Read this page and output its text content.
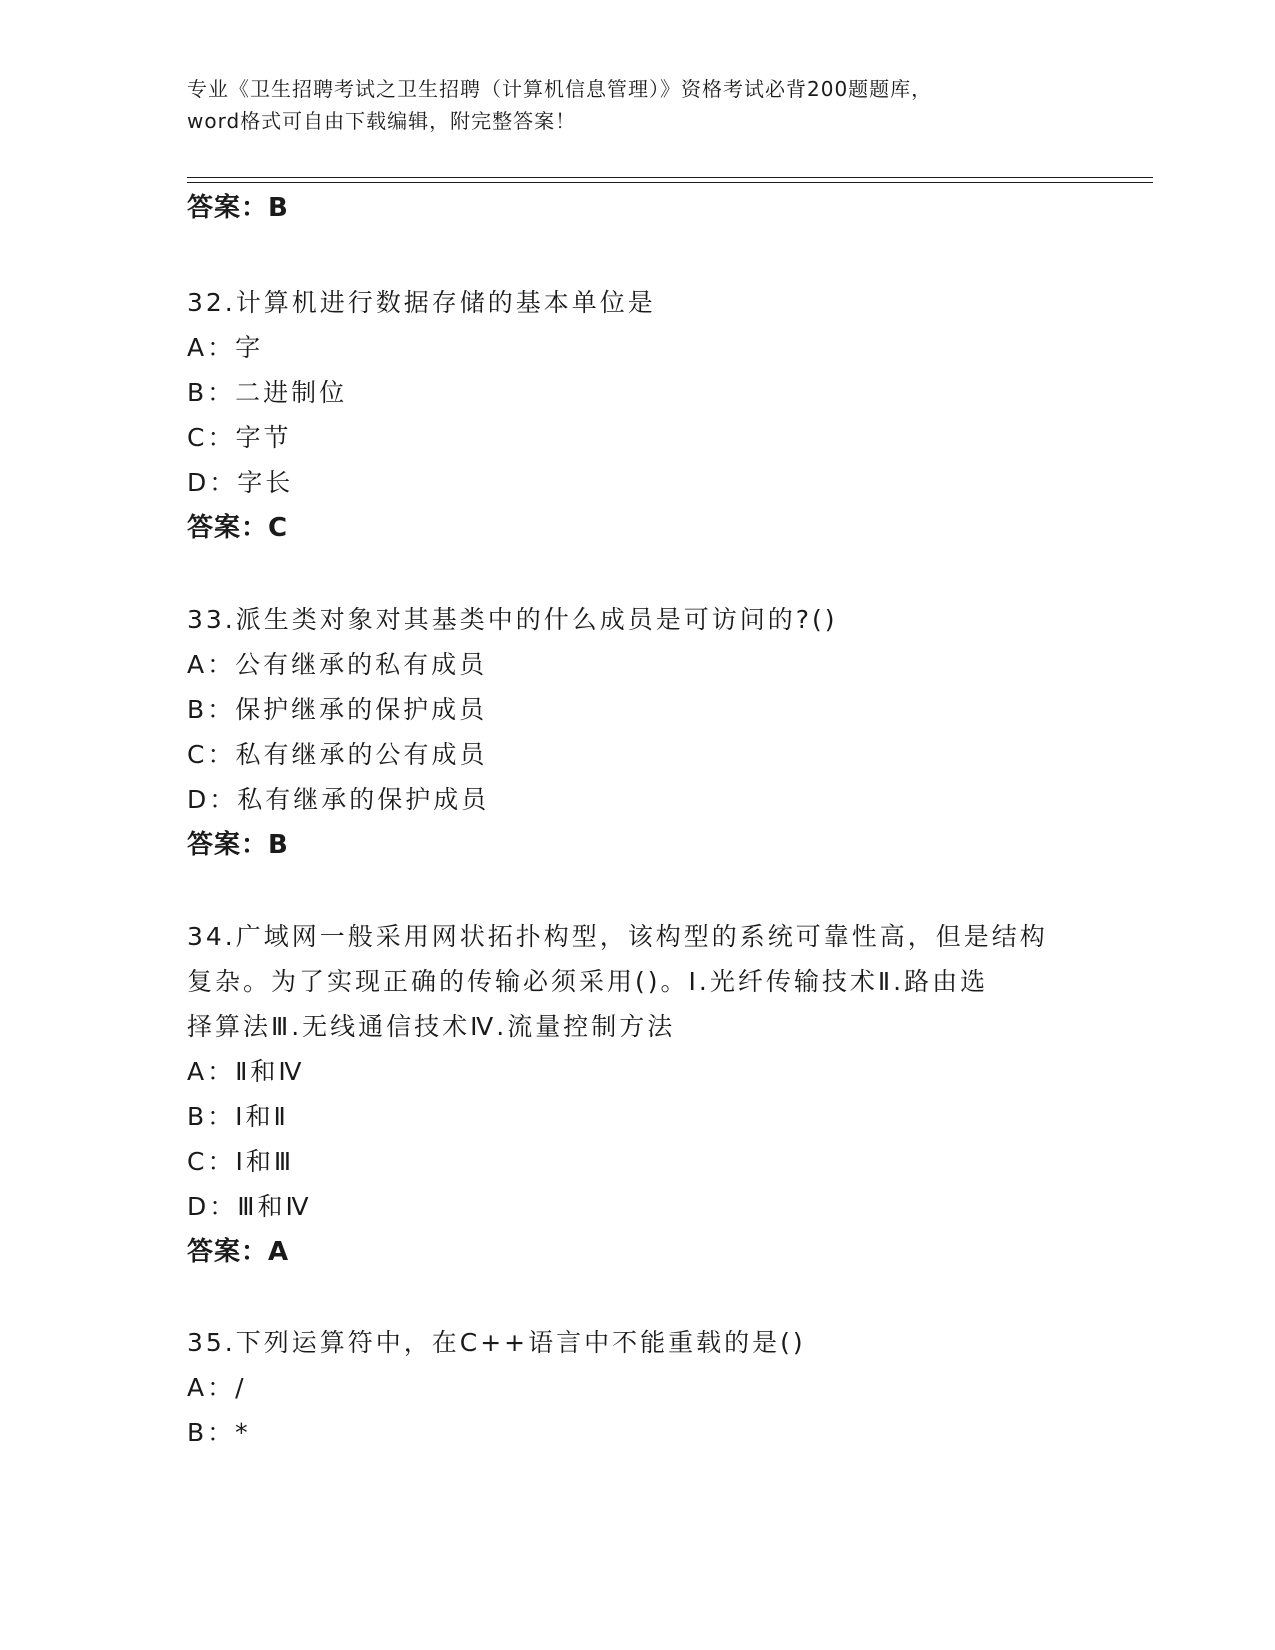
专业《卫生招聘考试之卫生招聘（计算机信息管理）》资格考试必背200题题库，
word格式可自由下载编辑，附完整答案！
答案：B
32.计算机进行数据存储的基本单位是
A：字
B：二进制位
C：字节
D：字长
答案：C
33.派生类对象对其基类中的什么成员是可访问的?()
A：公有继承的私有成员
B：保护继承的保护成员
C：私有继承的公有成员
D：私有继承的保护成员
答案：B
34.广域网一般采用网状拓扑构型，该构型的系统可靠性高，但是结构
复杂。为了实现正确的传输必须采用()。Ⅰ.光纤传输技术Ⅱ.路由选
择算法Ⅲ.无线通信技术Ⅳ.流量控制方法
A：Ⅱ和Ⅳ
B：Ⅰ和Ⅱ
C：Ⅰ和Ⅲ
D：Ⅲ和Ⅳ
答案：A
35.下列运算符中，在C++语言中不能重载的是()
A：/
B：*
